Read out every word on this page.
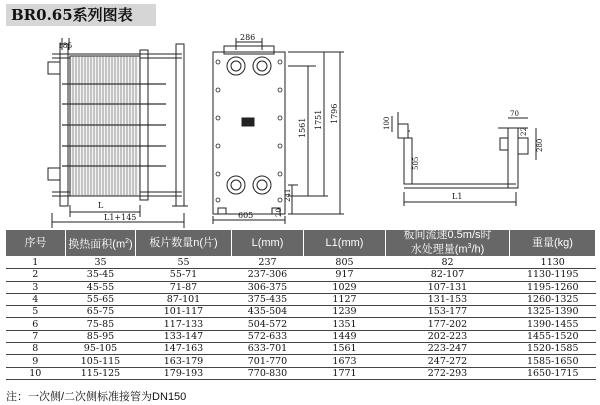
BR0.65系列图表
185
L
L1+145
286
1561 1751 1796
241
20
605
100
505
70
22
280
L1
序号	换热面积$(m^2)$	板片数量n(片)	L(mm)	L1(mm)	板间流速0.5m/s时
水处理量$(m^3/h)$	重量(kg)
1	35	55	237	805	82	1130
2	35-45	55-71	237-306	917	82-107	1130-1195
3	45-55	71-87	306-375	1029	107-131	1195-1260
4	55-65	87-101	375-435	1127	131-153	1260-1325
5	65-75	101-117	435-504	1239	153-177	1325-1390
6	75-85	117-133	504-572	1351	177-202	1390-1455
7	85-95	133-147	572-633	1449	202-223	1455-1520
8	95-105	147-163	633-701	1561	223-247	1520-1585
9	105-115	163-179	701-770	1673	247-272	1585-1650
10	115-125	179-193	770-830	1771	272-293	1650-1715
注：一次侧/二次侧标准接管为DN150
